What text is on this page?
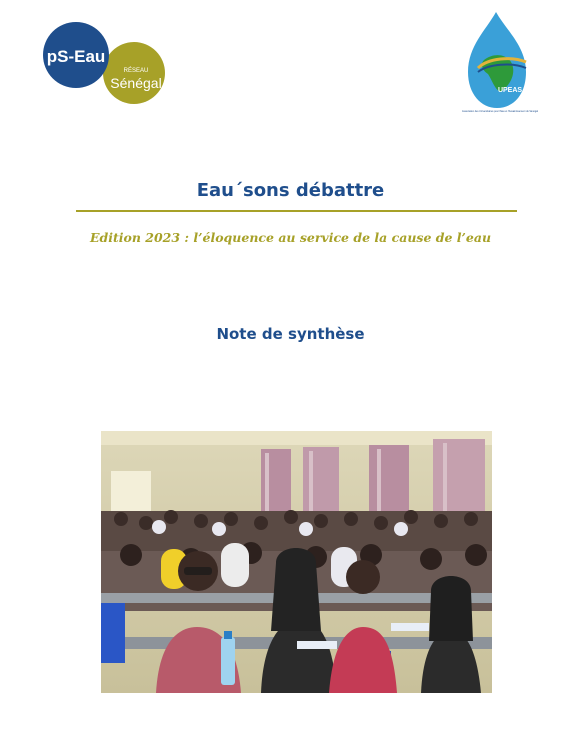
pS-Eau
RÉSEAU
Sénégal	UPEAS
Association des Universitaires pour l'Eau et l'Assainissement du Sénégal
Eau´sons débattre
Edition 2023 : l’éloquence au service de la cause de l’eau
Note de synthèse
